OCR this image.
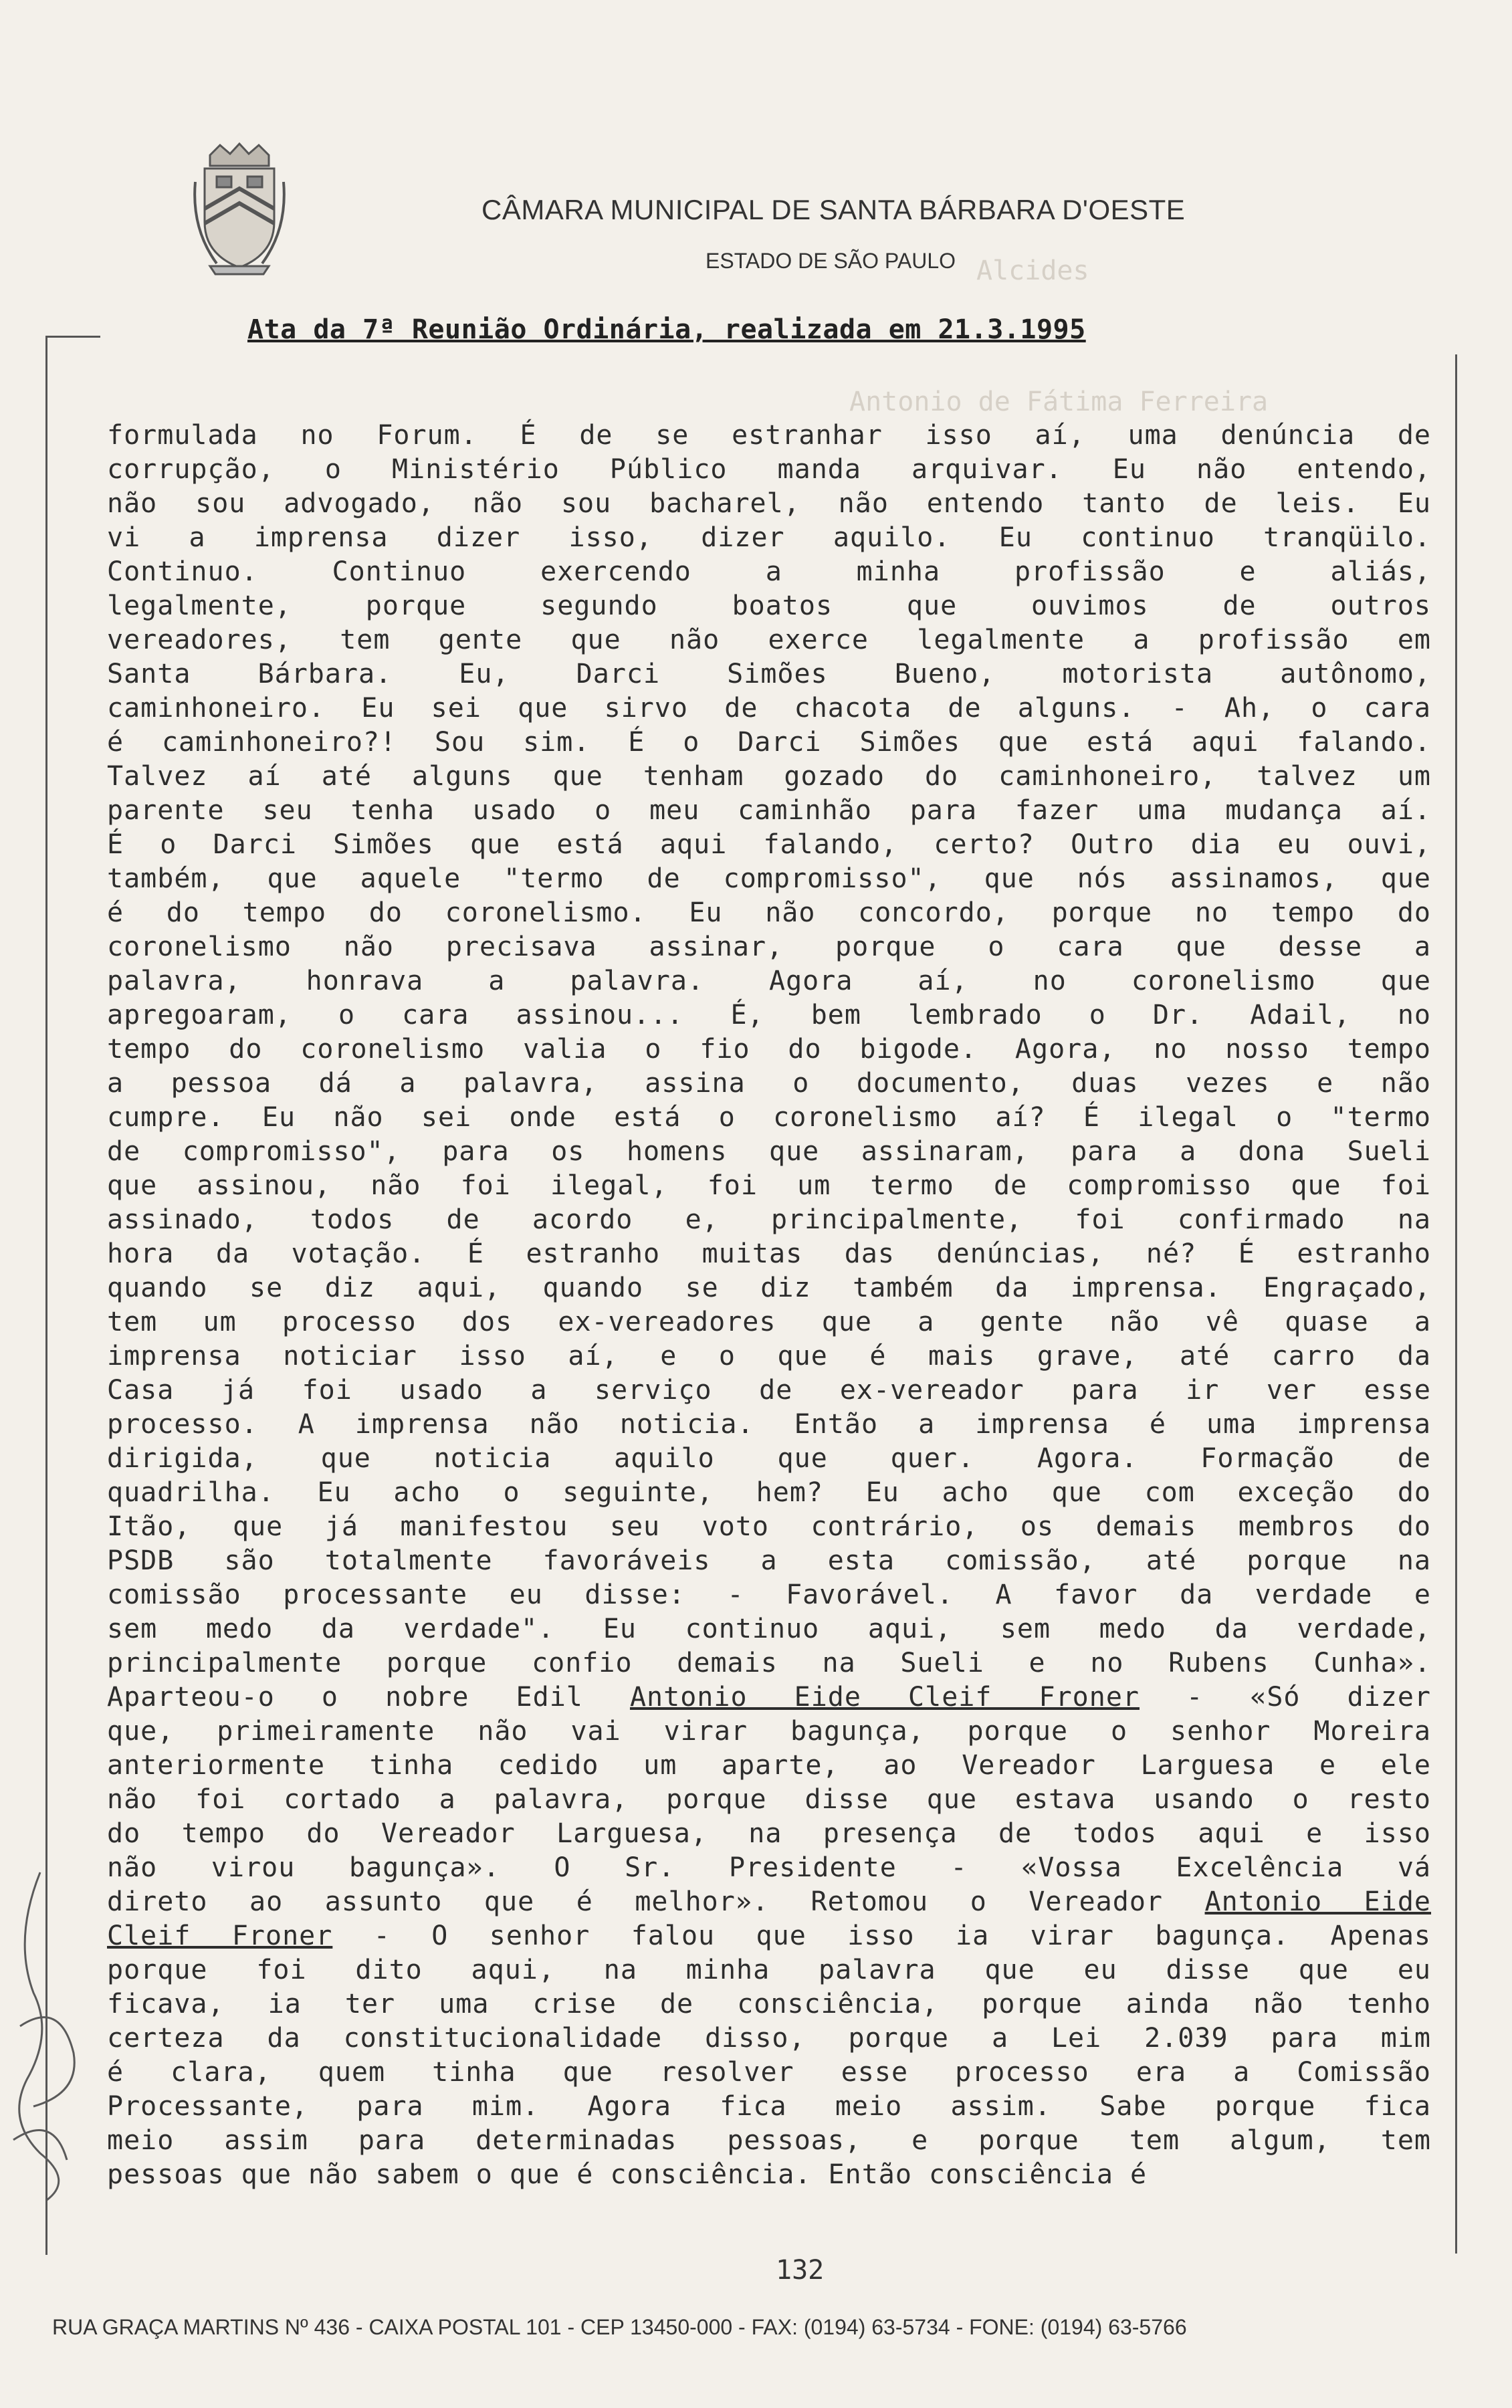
CÂMARA MUNICIPAL DE SANTA BÁRBARA D'OESTE
ESTADO DE SÃO PAULO Alcides
Antonio de Fátima Ferreira
Ata da 7ª Reunião Ordinária, realizada em 21.3.1995
formulada no Forum. É de se estranhar isso aí, uma denúncia de
corrupção, o Ministério Público manda arquivar. Eu não entendo,
não sou advogado, não sou bacharel, não entendo tanto de leis. Eu
vi a imprensa dizer isso, dizer aquilo. Eu continuo tranqüilo.
Continuo. Continuo exercendo a minha profissão e aliás,
legalmente, porque segundo boatos que ouvimos de outros
vereadores, tem gente que não exerce legalmente a profissão em
Santa Bárbara. Eu, Darci Simões Bueno, motorista autônomo,
caminhoneiro. Eu sei que sirvo de chacota de alguns. - Ah, o cara
é caminhoneiro?! Sou sim. É o Darci Simões que está aqui falando.
Talvez aí até alguns que tenham gozado do caminhoneiro, talvez um
parente seu tenha usado o meu caminhão para fazer uma mudança aí.
É o Darci Simões que está aqui falando, certo? Outro dia eu ouvi,
também, que aquele "termo de compromisso", que nós assinamos, que
é do tempo do coronelismo. Eu não concordo, porque no tempo do
coronelismo não precisava assinar, porque o cara que desse a
palavra, honrava a palavra. Agora aí, no coronelismo que
apregoaram, o cara assinou... É, bem lembrado o Dr. Adail, no
tempo do coronelismo valia o fio do bigode. Agora, no nosso tempo
a pessoa dá a palavra, assina o documento, duas vezes e não
cumpre. Eu não sei onde está o coronelismo aí? É ilegal o "termo
de compromisso", para os homens que assinaram, para a dona Sueli
que assinou, não foi ilegal, foi um termo de compromisso que foi
assinado, todos de acordo e, principalmente, foi confirmado na
hora da votação. É estranho muitas das denúncias, né? É estranho
quando se diz aqui, quando se diz também da imprensa. Engraçado,
tem um processo dos ex-vereadores que a gente não vê quase a
imprensa noticiar isso aí, e o que é mais grave, até carro da
Casa já foi usado a serviço de ex-vereador para ir ver esse
processo. A imprensa não noticia. Então a imprensa é uma imprensa
dirigida, que noticia aquilo que quer. Agora. Formação de
quadrilha. Eu acho o seguinte, hem? Eu acho que com exceção do
Itão, que já manifestou seu voto contrário, os demais membros do
PSDB são totalmente favoráveis a esta comissão, até porque na
comissão processante eu disse: - Favorável. A favor da verdade e
sem medo da verdade". Eu continuo aqui, sem medo da verdade,
principalmente porque confio demais na Sueli e no Rubens Cunha».
Aparteou-o o nobre Edil Antonio Eide Cleif Froner - «Só dizer
que, primeiramente não vai virar bagunça, porque o senhor Moreira
anteriormente tinha cedido um aparte, ao Vereador Larguesa e ele
não foi cortado a palavra, porque disse que estava usando o resto
do tempo do Vereador Larguesa, na presença de todos aqui e isso
não virou bagunça». O Sr. Presidente - «Vossa Excelência vá
direto ao assunto que é melhor». Retomou o Vereador Antonio Eide
Cleif Froner - O senhor falou que isso ia virar bagunça. Apenas
porque foi dito aqui, na minha palavra que eu disse que eu
ficava, ia ter uma crise de consciência, porque ainda não tenho
certeza da constitucionalidade disso, porque a Lei 2.039 para mim
é clara, quem tinha que resolver esse processo era a Comissão
Processante, para mim. Agora fica meio assim. Sabe porque fica
meio assim para determinadas pessoas, e porque tem algum, tem
pessoas que não sabem o que é consciência. Então consciência é
132
RUA GRAÇA MARTINS Nº 436 - CAIXA POSTAL 101 - CEP 13450-000 - FAX: (0194) 63-5734 - FONE: (0194) 63-5766
